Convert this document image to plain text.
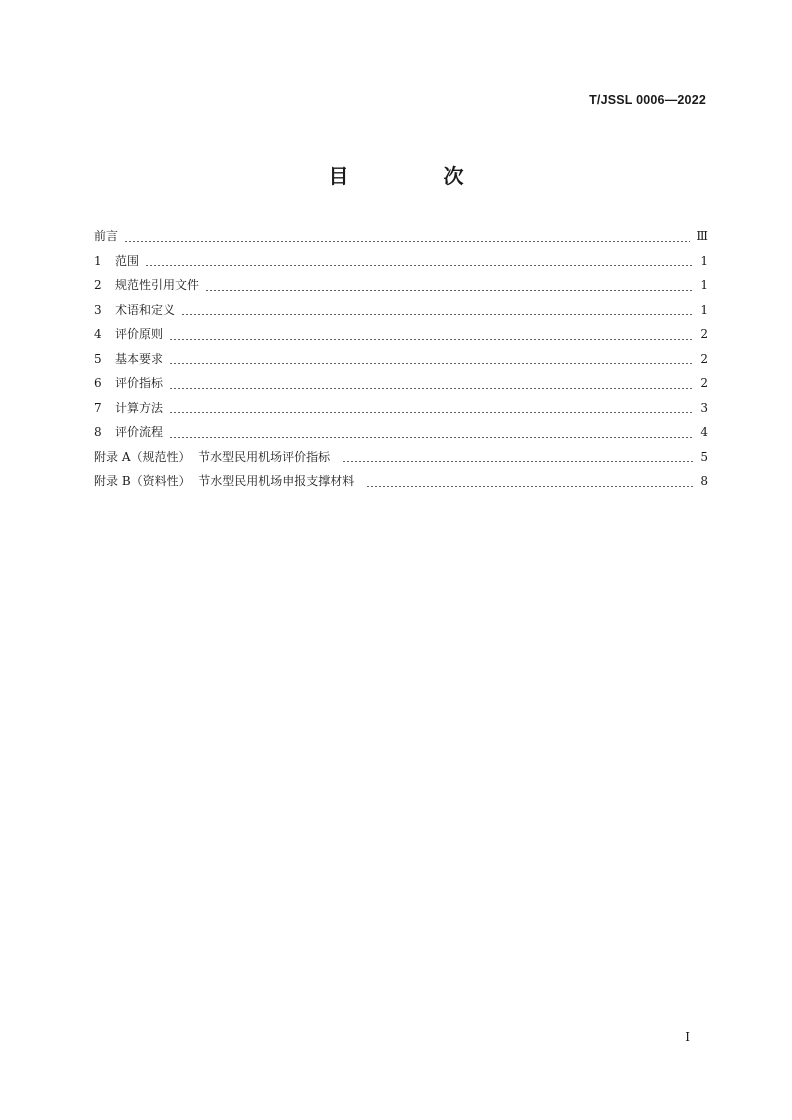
T/JSSL 0006—2022
目 次
前言	Ⅲ
1	范围	1
2	规范性引用文件	1
3	术语和定义	1
4	评价原则	2
5	基本要求	2
6	评价指标	2
7	计算方法	3
8	评价流程	4
附录 A（规范性）  节水型民用机场评价指标	5
附录 B（资料性）  节水型民用机场申报支撑材料	8
I
